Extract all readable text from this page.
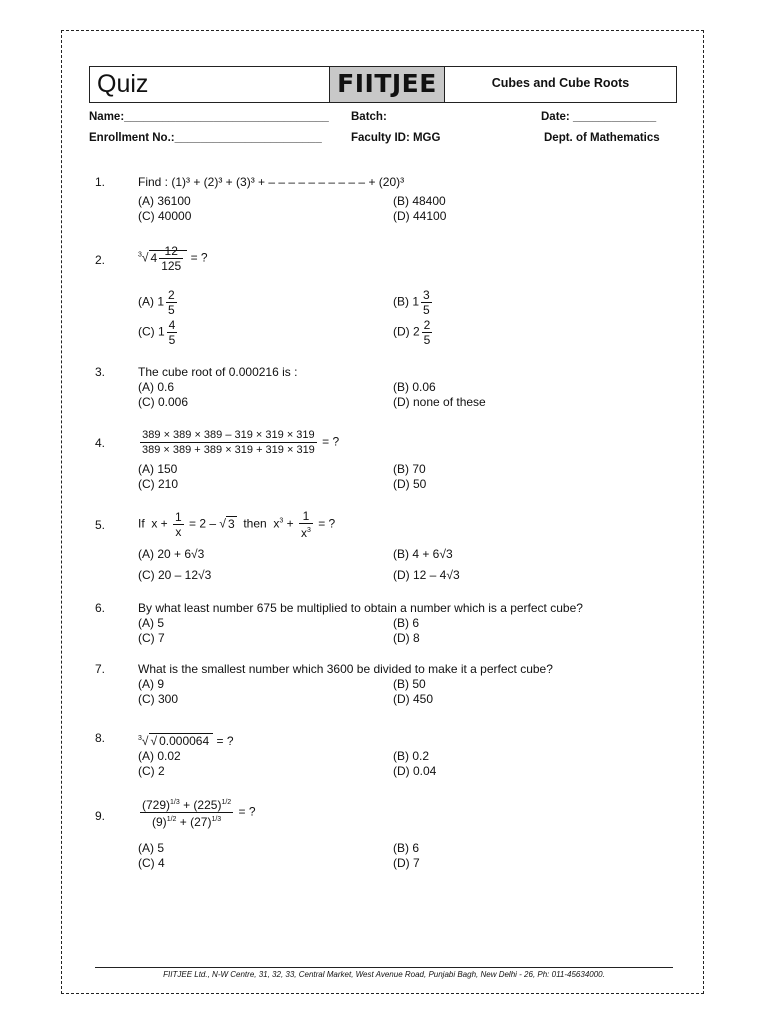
Quiz	FIITJEE	Cubes and Cube Roots
Name:________________________________ Batch:	Date: _____________
Enrollment No.:_______________________	Faculty ID: MGG	Dept. of Mathematics
1.	Find : (1)³ + (2)³ + (3)³ + – – – – – – – – – – + (20)³
(A) 36100	(B) 48400
(C) 40000	(D) 44100
2.	$^3$√ $4 \frac{12}{125}$ = ?
(A) $1 \frac{2}{5}$	(B) $1 \frac{3}{5}$
(C) $1 \frac{4}{5}$	(D) $2 \frac{2}{5}$
3.	The cube root of 0.000216 is :
(A) 0.6	(B) 0.06
(C) 0.006	(D) none of these
4.	$\frac{389 \times 389 \times 389 - 319 \times 319 \times 319}{389 \times 389 + 389 \times 319 + 319 \times 319}$ = ?
(A) 150	(B) 70
(C) 210	(D) 50
5.	If  $x + \frac{1}{x} = 2$ – √ 3 then  $x^3 + \frac{1}{x^3}$ = ?
(A) 20 + 6√3	(B) 4 + 6√3
(C) 20 – 12√3	(D) 12 – 4√3
6.	By what least number 675 be multiplied to obtain a number which is a perfect cube?
(A) 5	(B) 6
(C) 7	(D) 8
7.	What is the smallest number which 3600 be divided to make it a perfect cube?
(A) 9	(B) 50
(C) 300	(D) 450
8.	$^3$√ √ 0.000064 = ?
(A) 0.02	(B) 0.2
(C) 2	(D) 0.04
9.	$\frac{(729)^{1/3} + (225)^{1/2}}{(9)^{1/2} + (27)^{1/3}}$ = ?
(A) 5	(B) 6
(C) 4	(D) 7
FIITJEE Ltd., N-W Centre, 31, 32, 33, Central Market, West Avenue Road, Punjabi Bagh, New Delhi - 26, Ph: 011-45634000.
